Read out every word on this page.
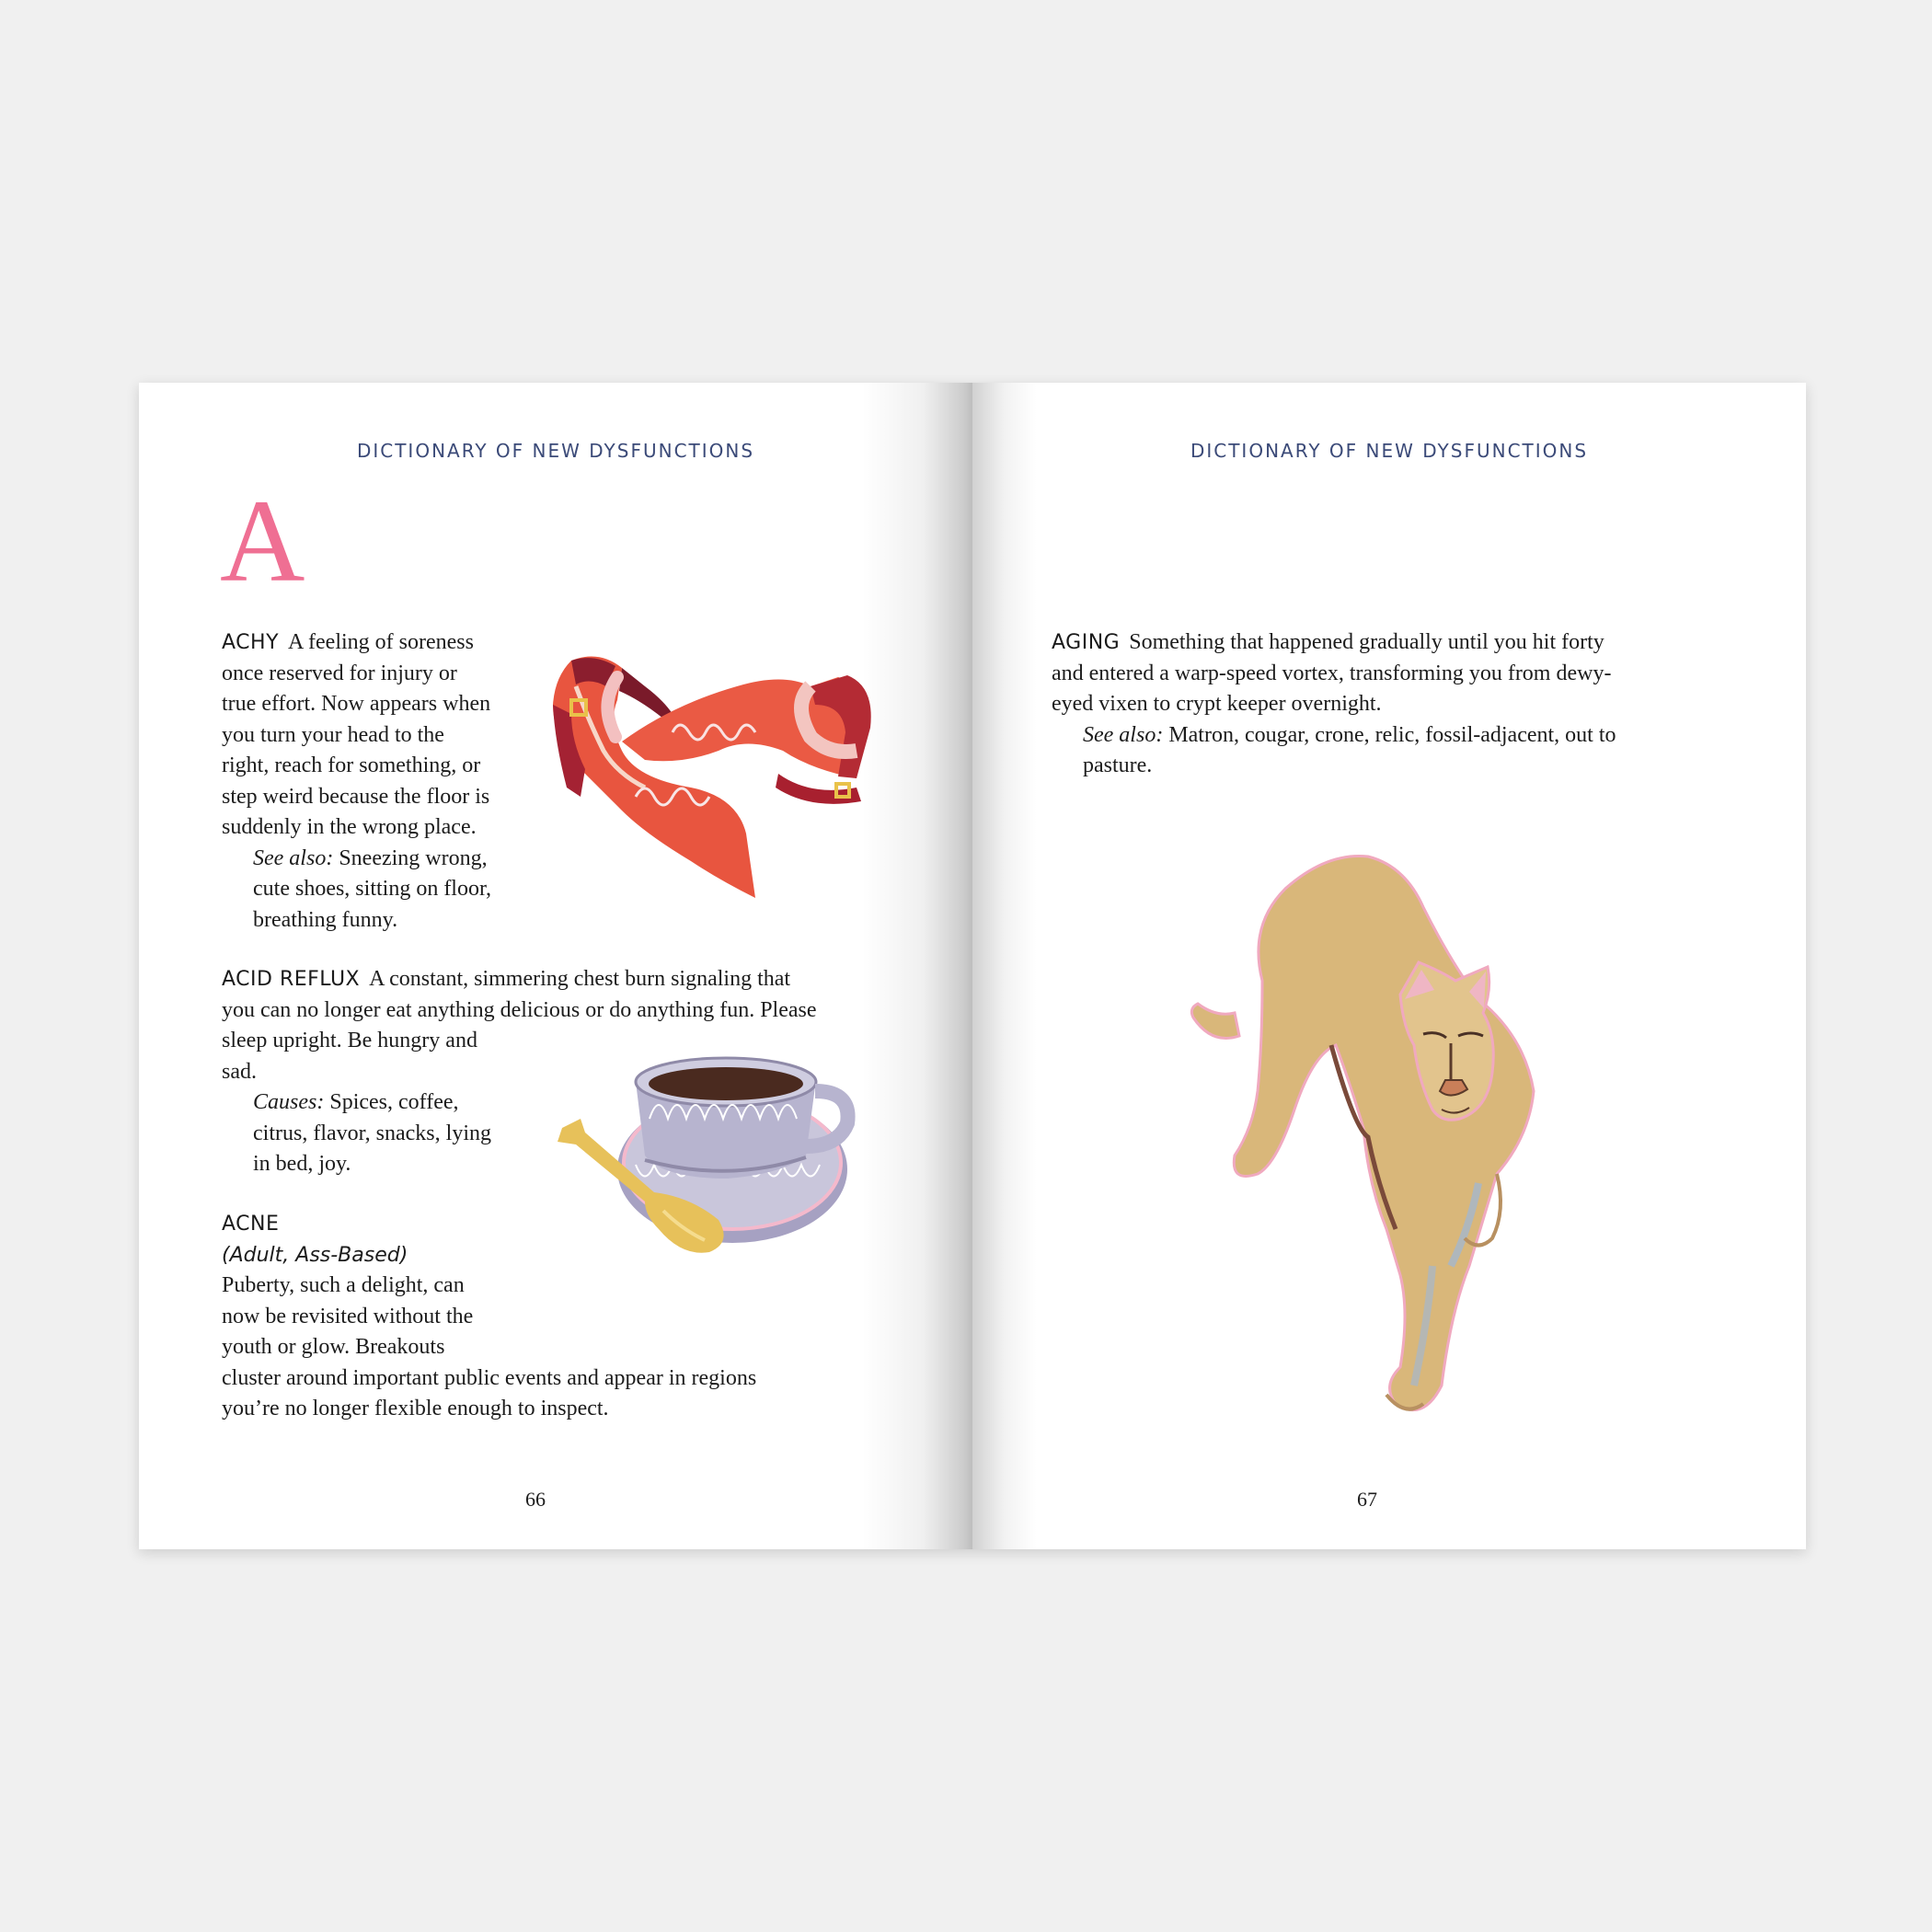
DICTIONARY OF NEW DYSFUNCTIONS
A
ACHY A feeling of soreness
once reserved for injury or
true effort. Now appears when
you turn your head to the
right, reach for something, or
step weird because the floor is
suddenly in the wrong place.
See also: Sneezing wrong,
cute shoes, sitting on floor,
breathing funny.
ACID REFLUX A constant, simmering chest burn signaling that
you can no longer eat anything delicious or do anything fun. Please
sleep upright. Be hungry and
sad.
Causes: Spices, coffee,
citrus, flavor, snacks, lying
in bed, joy.
ACNE
(Adult, Ass-Based)
Puberty, such a delight, can
now be revisited without the
youth or glow. Breakouts
cluster around important public events and appear in regions
you’re no longer flexible enough to inspect.
66
DICTIONARY OF NEW DYSFUNCTIONS
AGING Something that happened gradually until you hit forty
and entered a warp-speed vortex, transforming you from dewy-
eyed vixen to crypt keeper overnight.
See also: Matron, cougar, crone, relic, fossil-adjacent, out to
pasture.
67
